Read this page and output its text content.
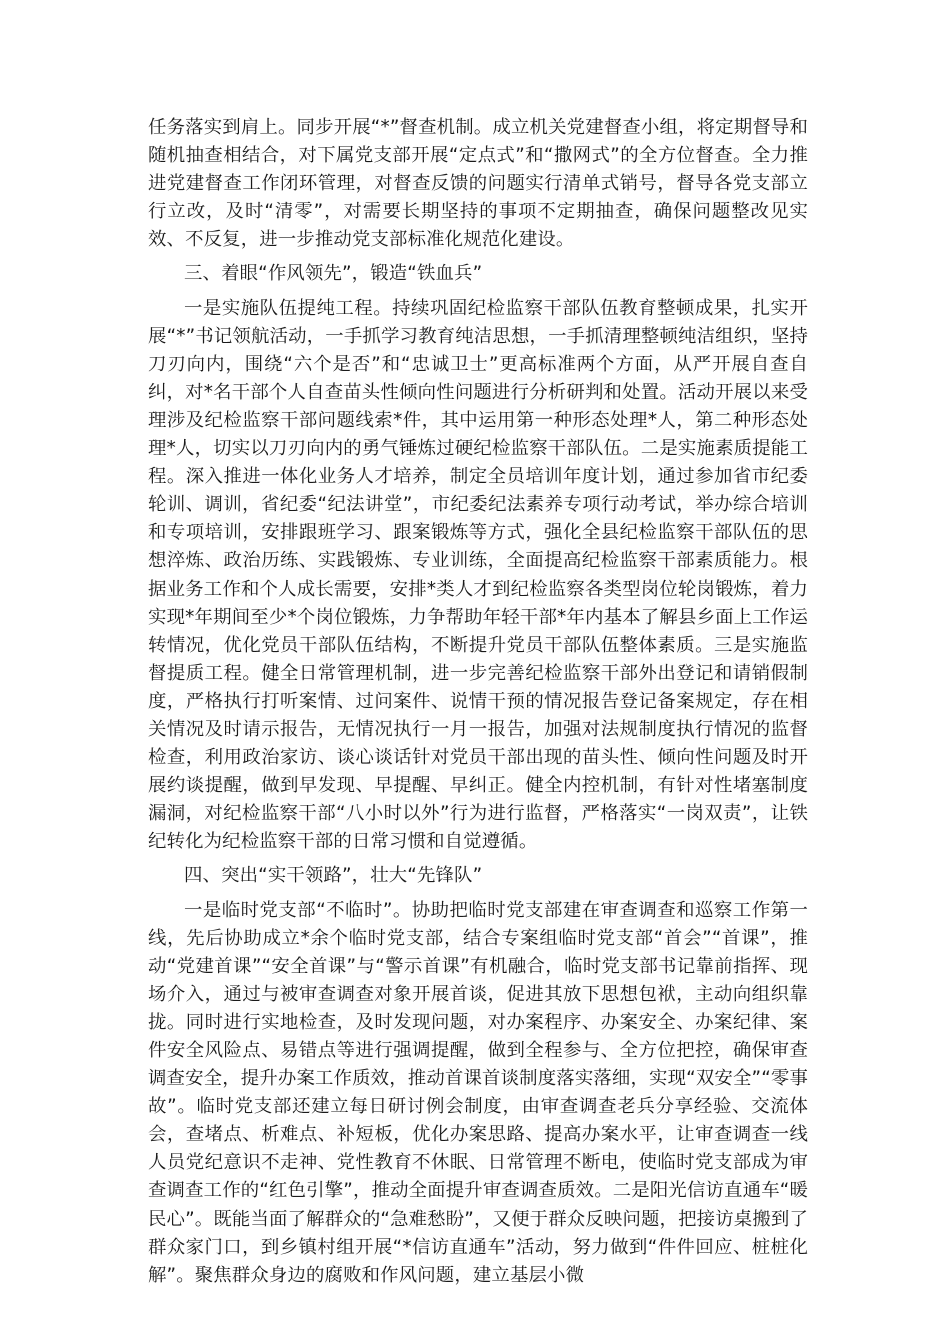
任务落实到肩上。同步开展“*”督查机制。成立机关党建督查小组，将定期督导和随机抽查相结合，对下属党支部开展“定点式”和“撒网式”的全方位督查。全力推进党建督查工作闭环管理，对督查反馈的问题实行清单式销号，督导各党支部立行立改，及时“清零”，对需要长期坚持的事项不定期抽查，确保问题整改见实效、不反复，进一步推动党支部标准化规范化建设。

三、着眼“作风领先”，锻造“铁血兵”

一是实施队伍提纯工程。持续巩固纪检监察干部队伍教育整顿成果，扎实开展“*”书记领航活动，一手抓学习教育纯洁思想，一手抓清理整顿纯洁组织，坚持刀刃向内，围绕“六个是否”和“忠诚卫士”更高标准两个方面，从严开展自查自纠，对*名干部个人自查苗头性倾向性问题进行分析研判和处置。活动开展以来受理涉及纪检监察干部问题线索*件，其中运用第一种形态处理*人，第二种形态处理*人，切实以刀刃向内的勇气锤炼过硬纪检监察干部队伍。二是实施素质提能工程。深入推进一体化业务人才培养，制定全员培训年度计划，通过参加省市纪委轮训、调训，省纪委“纪法讲堂”，市纪委纪法素养专项行动考试，举办综合培训和专项培训，安排跟班学习、跟案锻炼等方式，强化全县纪检监察干部队伍的思想淬炼、政治历练、实践锻炼、专业训练，全面提高纪检监察干部素质能力。根据业务工作和个人成长需要，安排*类人才到纪检监察各类型岗位轮岗锻炼，着力实现*年期间至少*个岗位锻炼，力争帮助年轻干部*年内基本了解县乡面上工作运转情况，优化党员干部队伍结构，不断提升党员干部队伍整体素质。三是实施监督提质工程。健全日常管理机制，进一步完善纪检监察干部外出登记和请销假制度，严格执行打听案情、过问案件、说情干预的情况报告登记备案规定，存在相关情况及时请示报告，无情况执行一月一报告，加强对法规制度执行情况的监督检查，利用政治家访、谈心谈话针对党员干部出现的苗头性、倾向性问题及时开展约谈提醒，做到早发现、早提醒、早纠正。健全内控机制，有针对性堵塞制度漏洞，对纪检监察干部“八小时以外”行为进行监督，严格落实“一岗双责”，让铁纪转化为纪检监察干部的日常习惯和自觉遵循。

四、突出“实干领路”，壮大“先锋队”

一是临时党支部“不临时”。协助把临时党支部建在审查调查和巡察工作第一线，先后协助成立*余个临时党支部，结合专案组临时党支部“首会”“首课”，推动“党建首课”“安全首课”与“警示首课”有机融合，临时党支部书记靠前指挥、现场介入，通过与被审查调查对象开展首谈，促进其放下思想包袱，主动向组织靠拢。同时进行实地检查，及时发现问题，对办案程序、办案安全、办案纪律、案件安全风险点、易错点等进行强调提醒，做到全程参与、全方位把控，确保审查调查安全，提升办案工作质效，推动首课首谈制度落实落细，实现“双安全”“零事故”。临时党支部还建立每日研讨例会制度，由审查调查老兵分享经验、交流体会，查堵点、析难点、补短板，优化办案思路、提高办案水平，让审查调查一线人员党纪意识不走神、党性教育不休眠、日常管理不断电，使临时党支部成为审查调查工作的“红色引擎”，推动全面提升审查调查质效。二是阳光信访直通车“暖民心”。既能当面了解群众的“急难愁盼”，又便于群众反映问题，把接访桌搬到了群众家门口，到乡镇村组开展“*信访直通车”活动，努力做到“件件回应、桩桩化解”。聚焦群众身边的腐败和作风问题，建立基层小微
